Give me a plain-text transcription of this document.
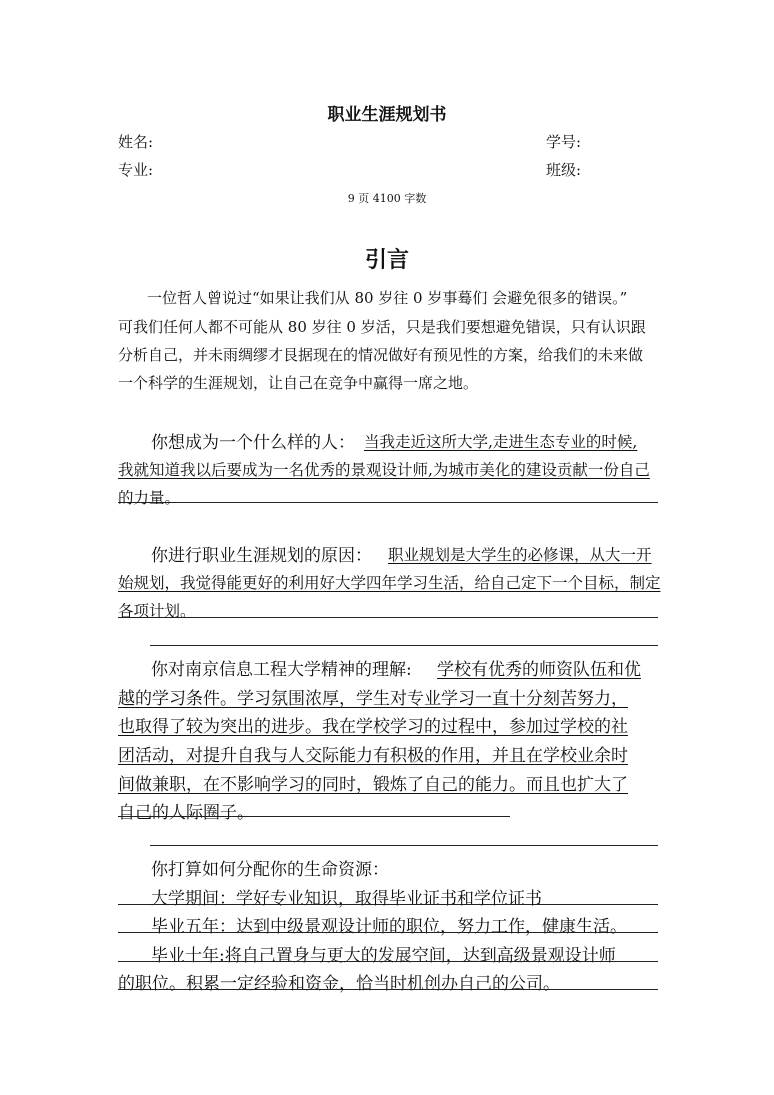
职业生涯规划书
姓名:	学号:
专业:	班级:
9 页 4100 字数
引言
一位哲人曾说过“如果让我们从 80 岁往 0 岁事蓦们 会避免很多的错误。”
可我们任何人都不可能从 80 岁往 0 岁活，只是我们要想避免错误，只有认识跟
分析自己，并未雨绸缪才艮据现在的情况做好有预见性的方案，给我们的未来做
一个科学的生涯规划，让自己在竞争中赢得一席之地。
你想成为一个什么样的人： 当我走近这所大学,走进生态专业的时候,
我就知道我以后要成为一名优秀的景观设计师,为城市美化的建设贡献一份自己
的力量。
你进行职业生涯规划的原因： 职业规划是大学生的必修课，从大一开
始规划，我觉得能更好的利用好大学四年学习生活，给自己定下一个目标，制定
各项计划。
你对南京信息工程大学精神的理解: 学校有优秀的师资队伍和优
越的学习条件。学习氛围浓厚，学生对专业学习一直十分刻苦努力，
也取得了较为突出的进步。我在学校学习的过程中，参加过学校的社
团活动，对提升自我与人交际能力有积极的作用，并且在学校业余时
间做兼职，在不影响学习的同时，锻炼了自己的能力。而且也扩大了
自己的人际圈子。
你打算如何分配你的生命资源：
大学期间：学好专业知识，取得毕业证书和学位证书
毕业五年：达到中级景观设计师的职位，努力工作，健康生活。
毕业十年:将自己置身与更大的发展空间，达到高级景观设计师
的职位。积累一定经验和资金，恰当时机创办自己的公司。
